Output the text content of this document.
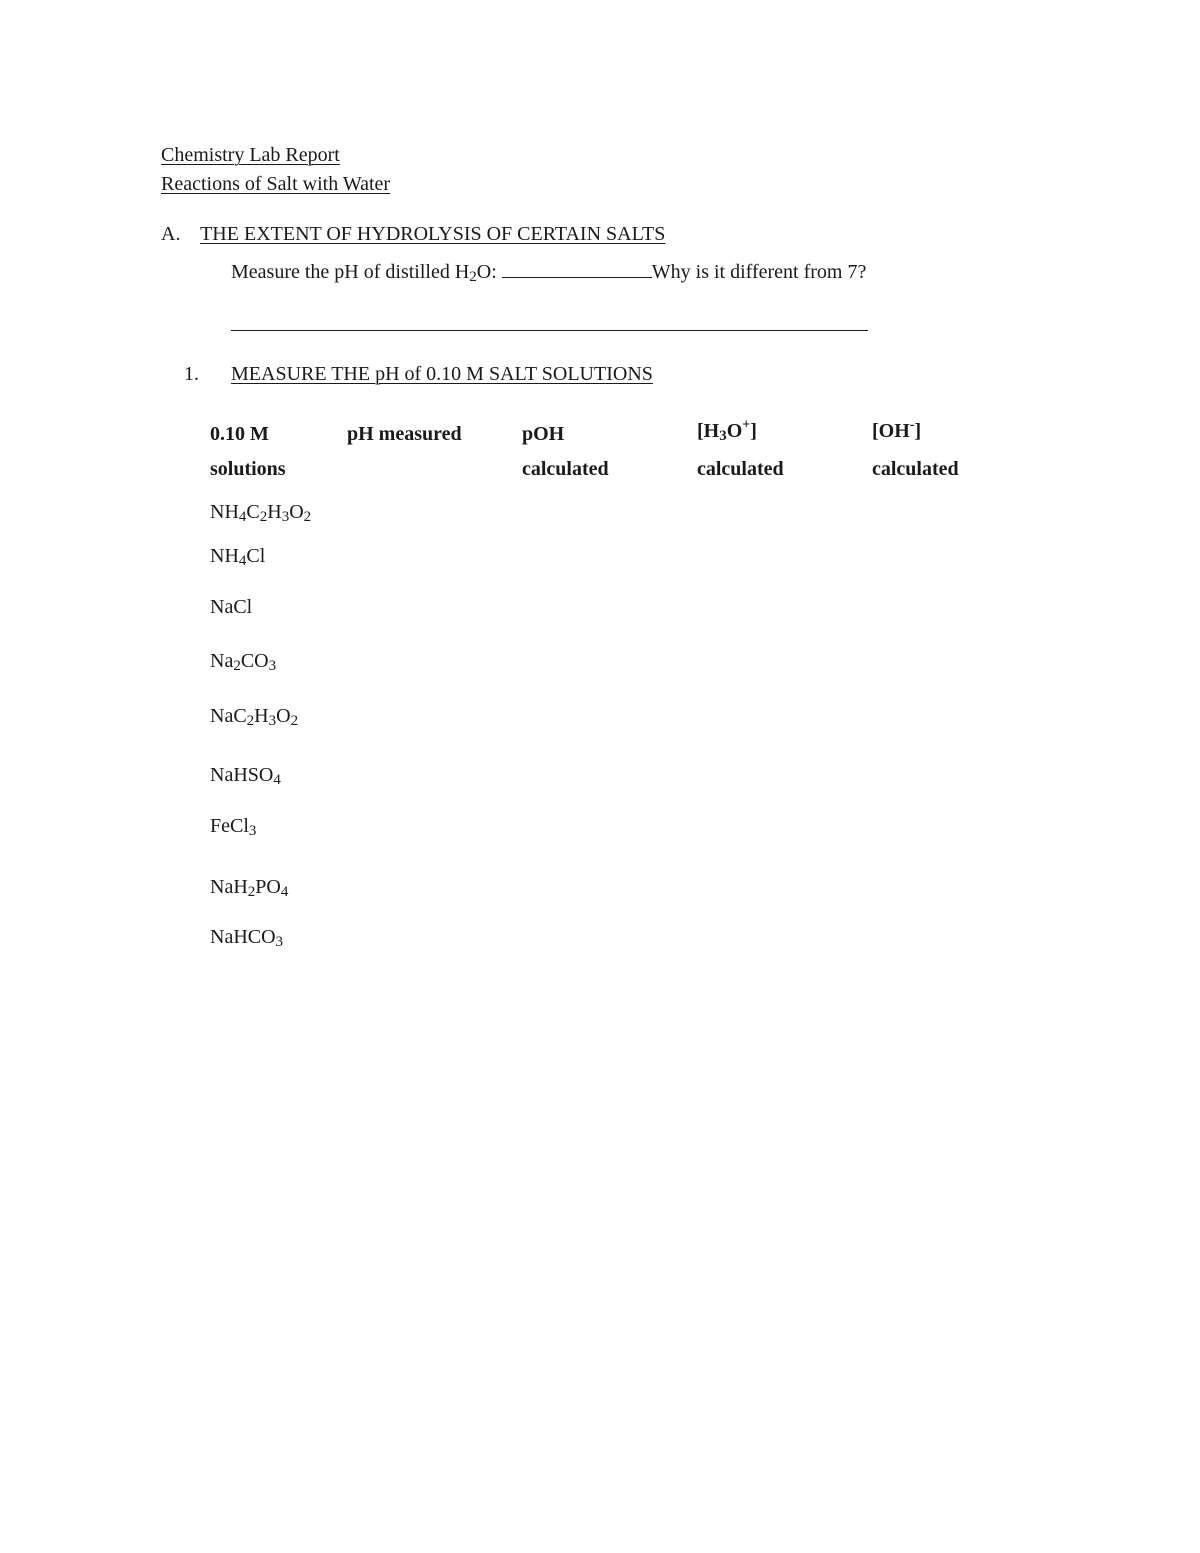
Chemistry Lab Report
Reactions of Salt with Water
A. THE EXTENT OF HYDROLYSIS OF CERTAIN SALTS
Measure the pH of distilled $H_2O$:	Why is it different from 7?
1. MEASURE THE pH of 0.10 M SALT SOLUTIONS
0.10 M
solutions
pH measured	pOH
calculated
$[H_3O^+]$
calculated
[OH-]
calculated
$NH_4C_2H_3O_2$
$NH_4Cl$
NaCl
$Na_2CO_3$
$NaC_2H_3O_2$
NaHSO$_4$
FeCl$_3$
$NaH_2PO_4$
NaHCO$_3$
